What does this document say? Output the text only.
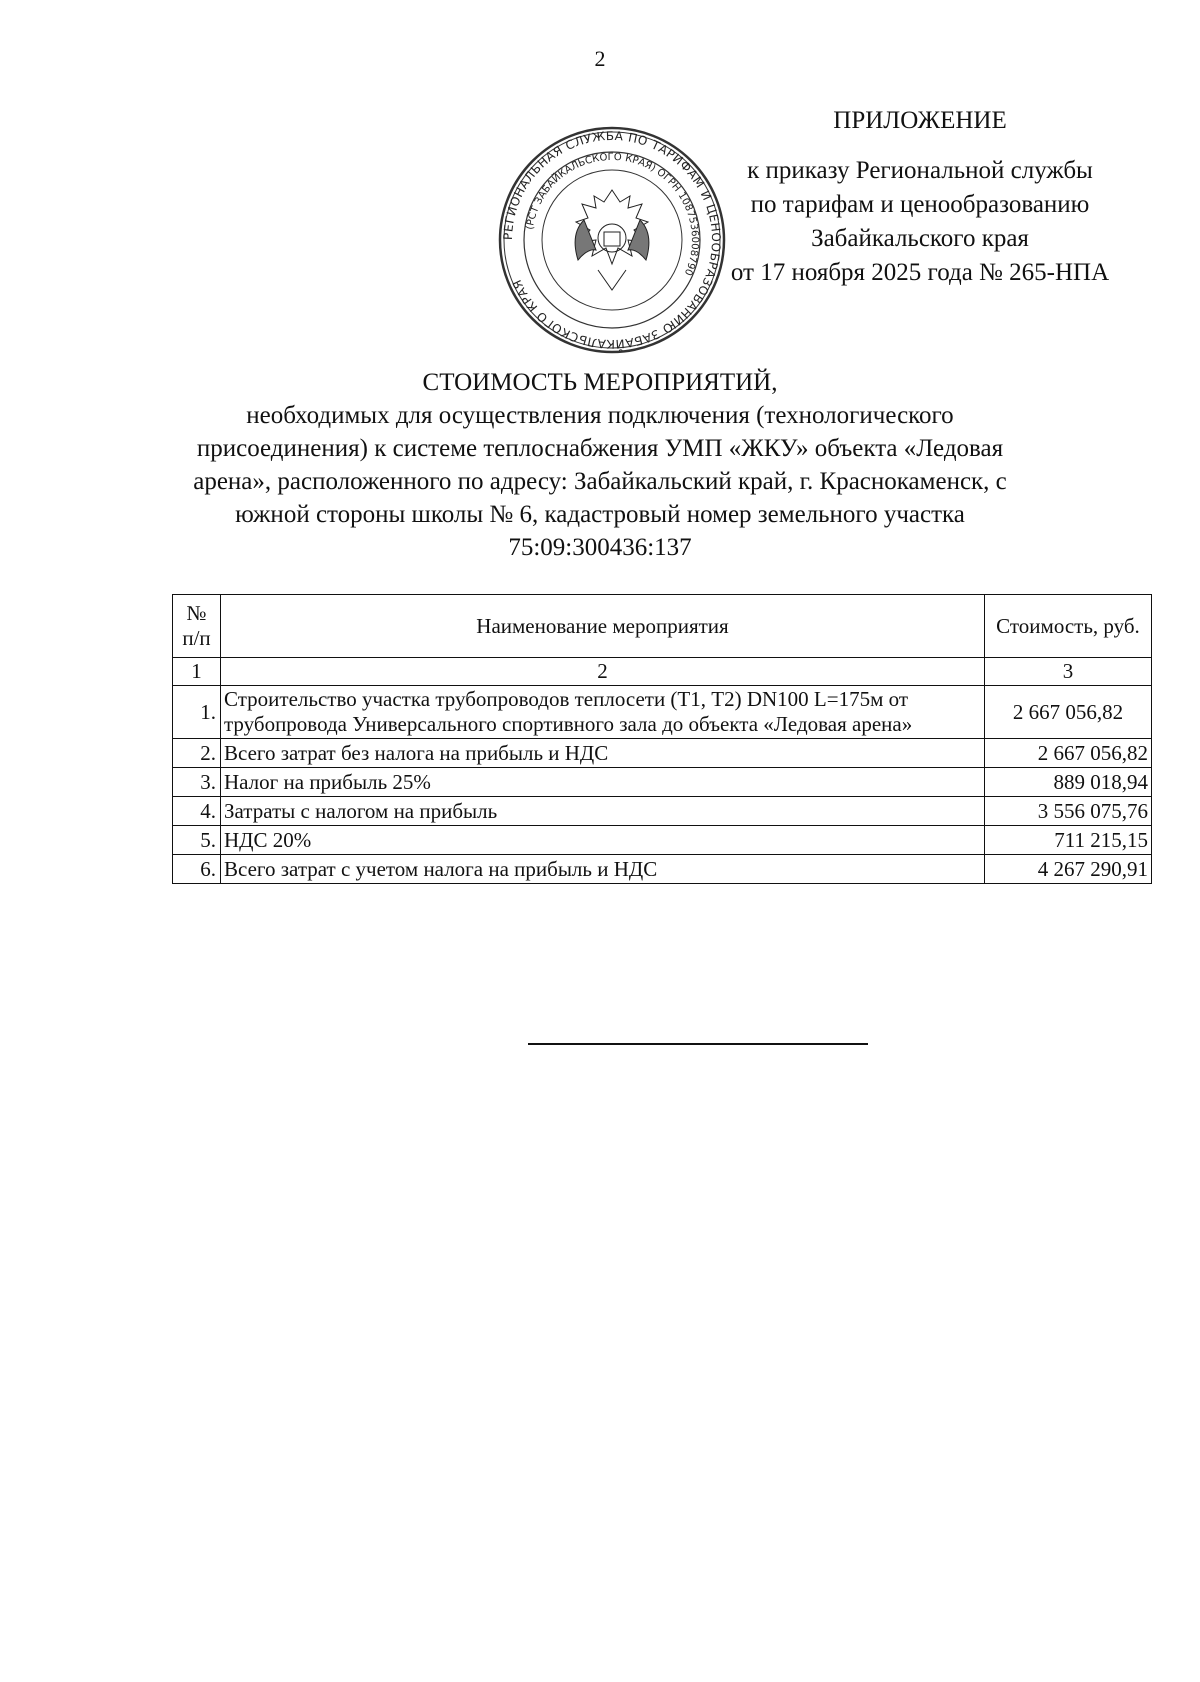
2
РЕГИОНАЛЬНАЯ СЛУЖБА ПО ТАРИФАМ И ЦЕНООБРАЗОВАНИЮ ЗАБАЙКАЛЬСКОГО КРАЯ
(РСТ ЗАБАЙКАЛЬСКОГО КРАЯ) ОГРН 1087536008790
ПРИЛОЖЕНИЕ
к приказу Региональной службы
по тарифам и ценообразованию
Забайкальского края
от 17 ноября 2025 года № 265-НПА
СТОИМОСТЬ МЕРОПРИЯТИЙ,
необходимых для осуществления подключения (технологического
присоединения) к системе теплоснабжения УМП «ЖКУ» объекта «Ледовая
арена», расположенного по адресу: Забайкальский край, г. Краснокаменск, с
южной стороны школы № 6, кадастровый номер земельного участка
75:09:300436:137
№
п/п	Наименование мероприятия	Стоимость, руб.
1	2	3
1.	Строительство участка трубопроводов теплосети (Т1, Т2) DN100 L=175м от трубопровода Универсального спортивного зала до объекта «Ледовая арена»	2 667 056,82
2.	Всего затрат без налога на прибыль и НДС	2 667 056,82
3.	Налог на прибыль 25%	889 018,94
4.	Затраты с налогом на прибыль	3 556 075,76
5.	НДС 20%	711 215,15
6.	Всего затрат с учетом налога на прибыль и НДС	4 267 290,91
